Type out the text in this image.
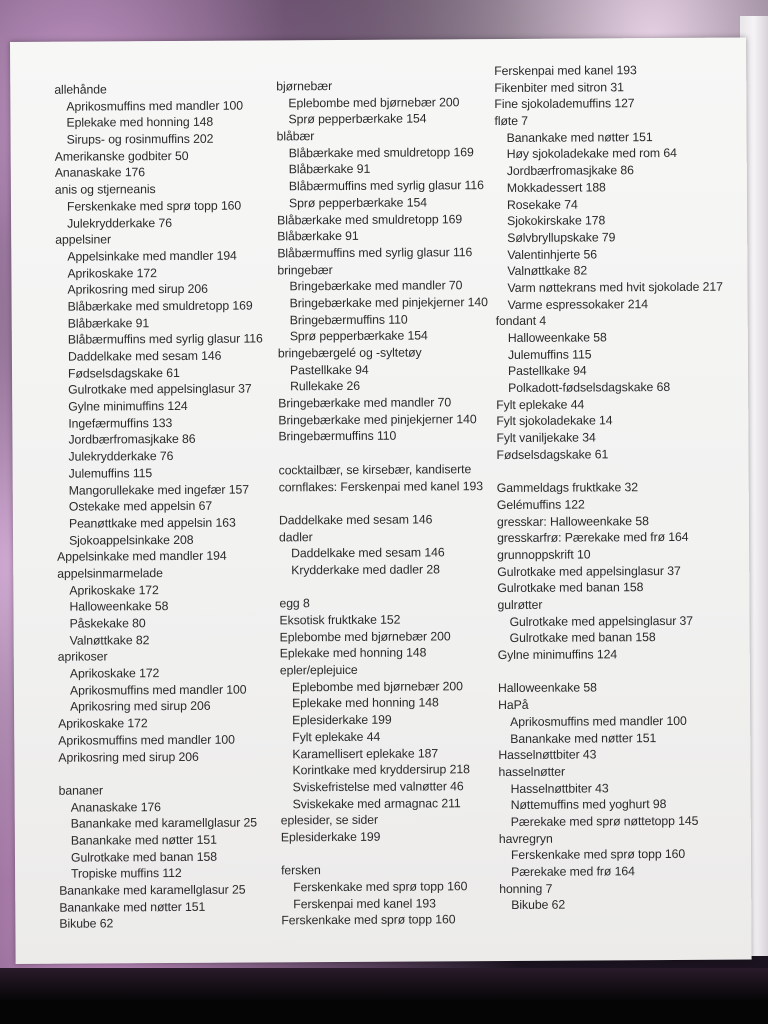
allehånde
Aprikosmuffins med mandler 100
Eplekake med honning 148
Sirups- og rosinmuffins 202
Amerikanske godbiter 50
Ananaskake 176
anis og stjerneanis
Ferskenkake med sprø topp 160
Julekrydderkake 76
appelsiner
Appelsinkake med mandler 194
Aprikoskake 172
Aprikosring med sirup 206
Blåbærkake med smuldretopp 169
Blåbærkake 91
Blåbærmuffins med syrlig glasur 116
Daddelkake med sesam 146
Fødselsdagskake 61
Gulrotkake med appelsinglasur 37
Gylne minimuffins 124
Ingefærmuffins 133
Jordbærfromasjkake 86
Julekrydderkake 76
Julemuffins 115
Mangorullekake med ingefær 157
Ostekake med appelsin 67
Peanøttkake med appelsin 163
Sjokoappelsinkake 208
Appelsinkake med mandler 194
appelsinmarmelade
Aprikoskake 172
Halloweenkake 58
Påskekake 80
Valnøttkake 82
aprikoser
Aprikoskake 172
Aprikosmuffins med mandler 100
Aprikosring med sirup 206
Aprikoskake 172
Aprikosmuffins med mandler 100
Aprikosring med sirup 206
bananer
Ananaskake 176
Banankake med karamellglasur 25
Banankake med nøtter 151
Gulrotkake med banan 158
Tropiske muffins 112
Banankake med karamellglasur 25
Banankake med nøtter 151
Bikube 62
bjørnebær
Eplebombe med bjørnebær 200
Sprø pepperbærkake 154
blåbær
Blåbærkake med smuldretopp 169
Blåbærkake 91
Blåbærmuffins med syrlig glasur 116
Sprø pepperbærkake 154
Blåbærkake med smuldretopp 169
Blåbærkake 91
Blåbærmuffins med syrlig glasur 116
bringebær
Bringebærkake med mandler 70
Bringebærkake med pinjekjerner 140
Bringebærmuffins 110
Sprø pepperbærkake 154
bringebærgelé og -syltetøy
Pastellkake 94
Rullekake 26
Bringebærkake med mandler 70
Bringebærkake med pinjekjerner 140
Bringebærmuffins 110
cocktailbær, se kirsebær, kandiserte
cornflakes: Ferskenpai med kanel 193
Daddelkake med sesam 146
dadler
Daddelkake med sesam 146
Krydderkake med dadler 28
egg 8
Eksotisk fruktkake 152
Eplebombe med bjørnebær 200
Eplekake med honning 148
epler/eplejuice
Eplebombe med bjørnebær 200
Eplekake med honning 148
Eplesiderkake 199
Fylt eplekake 44
Karamellisert eplekake 187
Korintkake med kryddersirup 218
Sviskefristelse med valnøtter 46
Sviskekake med armagnac 211
eplesider, se sider
Eplesiderkake 199
fersken
Ferskenkake med sprø topp 160
Ferskenpai med kanel 193
Ferskenkake med sprø topp 160
Ferskenpai med kanel 193
Fikenbiter med sitron 31
Fine sjokolademuffins 127
fløte 7
Banankake med nøtter 151
Høy sjokoladekake med rom 64
Jordbærfromasjkake 86
Mokkadessert 188
Rosekake 74
Sjokokirskake 178
Sølvbryllupskake 79
Valentinhjerte 56
Valnøttkake 82
Varm nøttekrans med hvit sjokolade 217
Varme espressokaker 214
fondant 4
Halloweenkake 58
Julemuffins 115
Pastellkake 94
Polkadott-fødselsdagskake 68
Fylt eplekake 44
Fylt sjokoladekake 14
Fylt vaniljekake 34
Fødselsdagskake 61
Gammeldags fruktkake 32
Gelémuffins 122
gresskar: Halloweenkake 58
gresskarfrø: Pærekake med frø 164
grunnoppskrift 10
Gulrotkake med appelsinglasur 37
Gulrotkake med banan 158
gulrøtter
Gulrotkake med appelsinglasur 37
Gulrotkake med banan 158
Gylne minimuffins 124
Halloweenkake 58
HaPå
Aprikosmuffins med mandler 100
Banankake med nøtter 151
Hasselnøttbiter 43
hasselnøtter
Hasselnøttbiter 43
Nøttemuffins med yoghurt 98
Pærekake med sprø nøttetopp 145
havregryn
Ferskenkake med sprø topp 160
Pærekake med frø 164
honning 7
Bikube 62
